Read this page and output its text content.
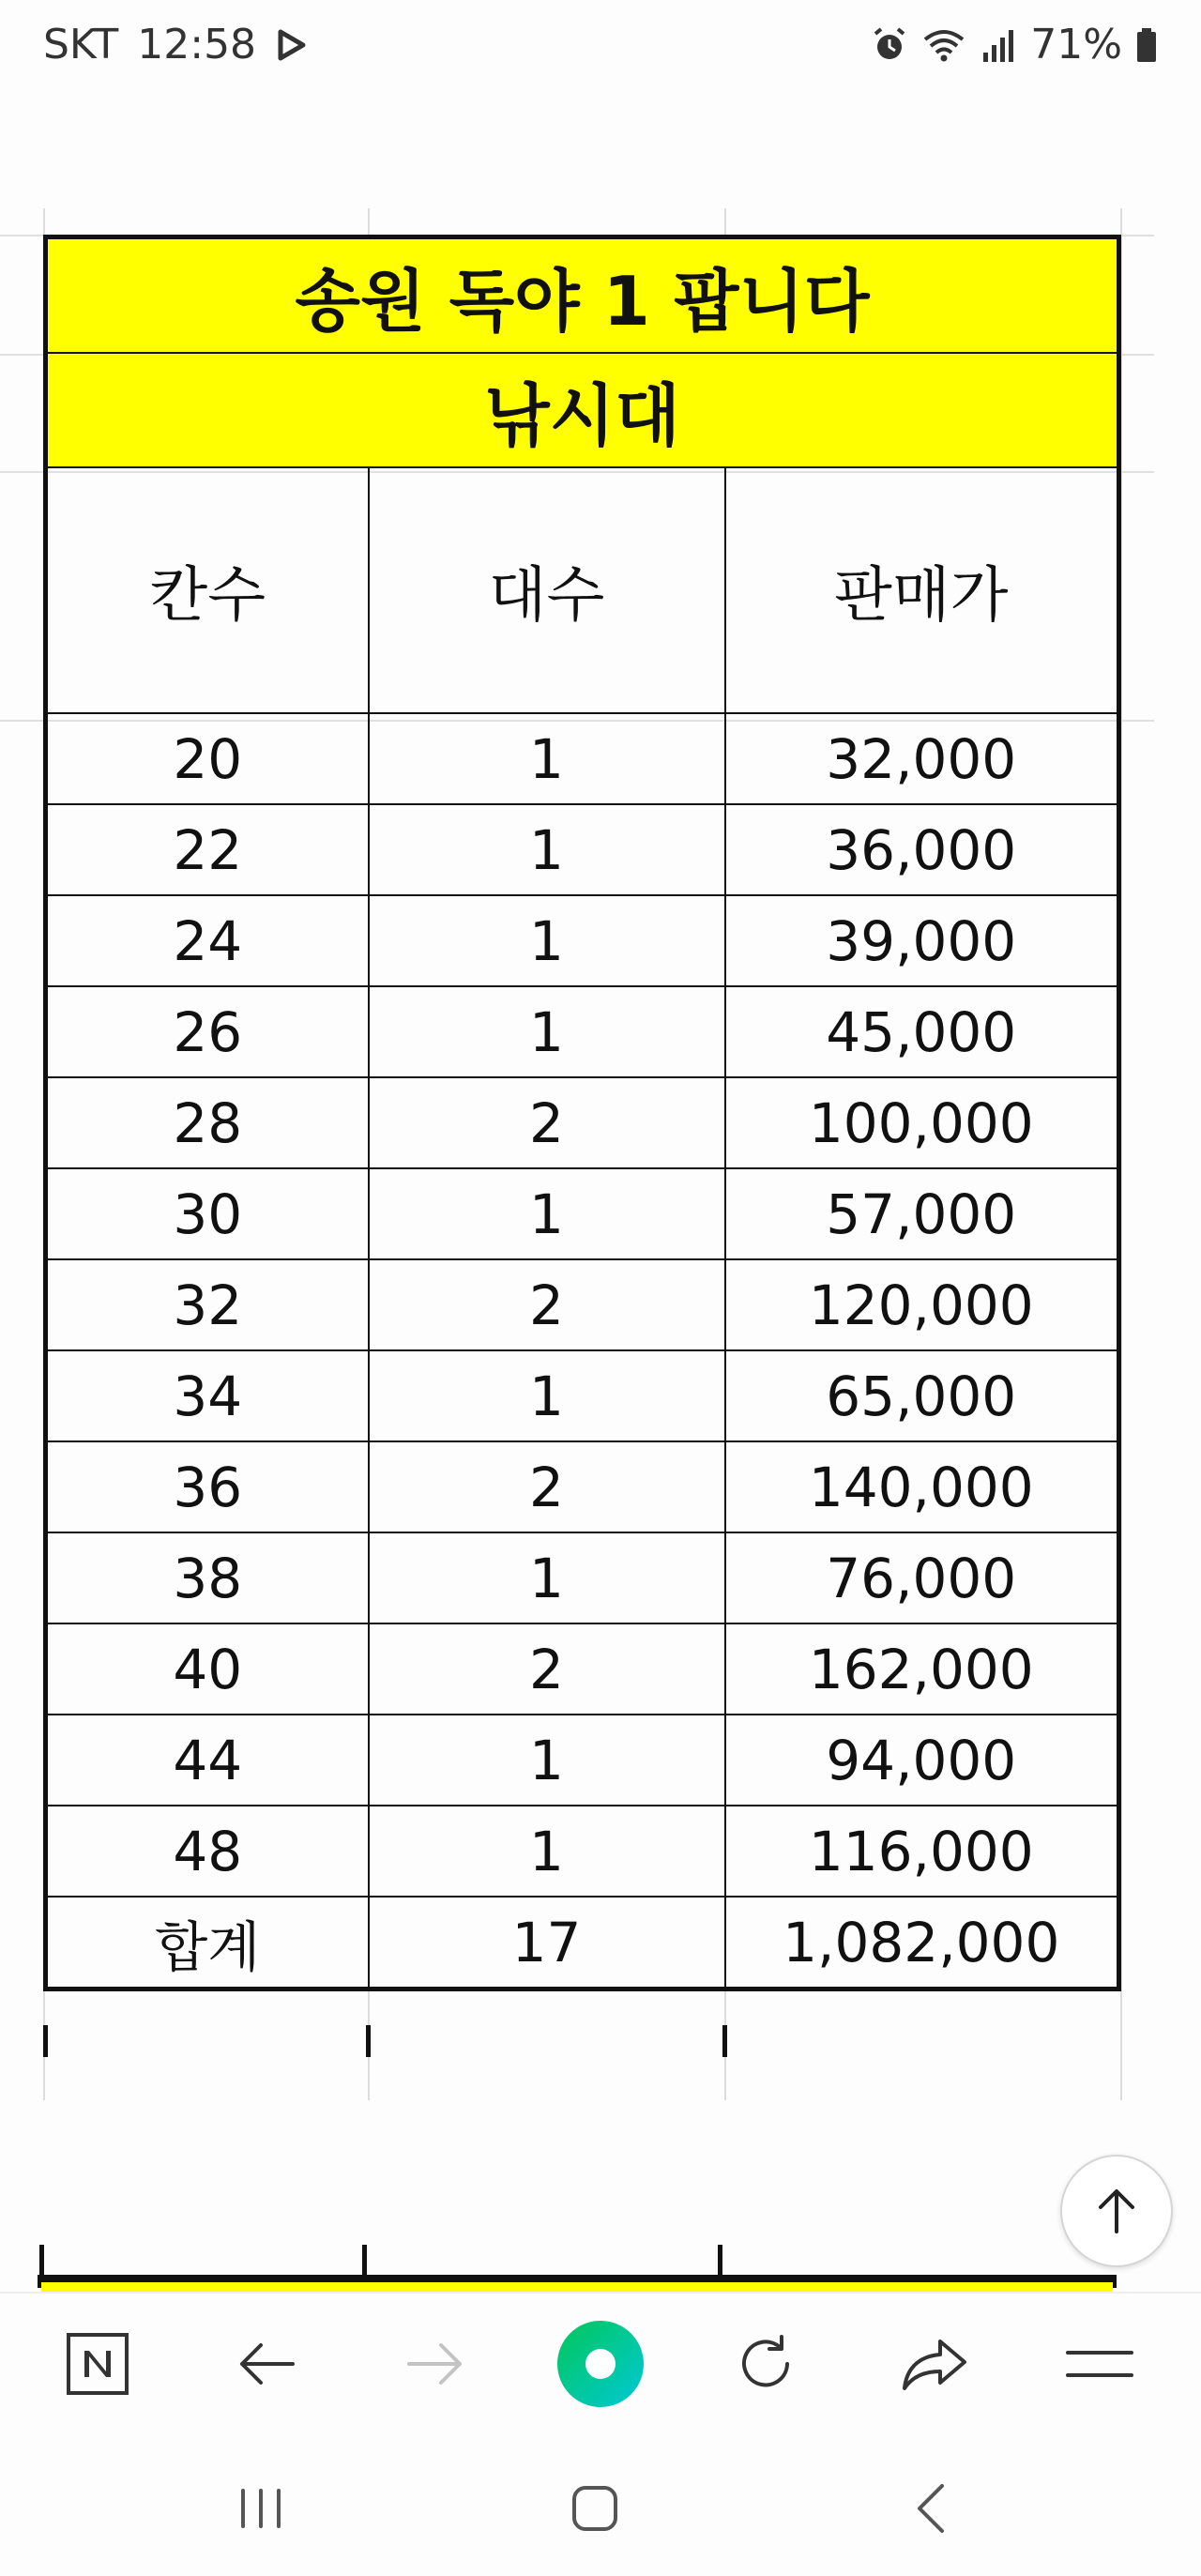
SKT 12:58	71%
송원 독야 1 팝니다		
낚시대		
칸수	대수	판매가
20	1	32,000
22	1	36,000
24	1	39,000
26	1	45,000
28	2	100,000
30	1	57,000
32	2	120,000
34	1	65,000
36	2	140,000
38	1	76,000
40	2	162,000
44	1	94,000
48	1	116,000
합계	17	1,082,000
